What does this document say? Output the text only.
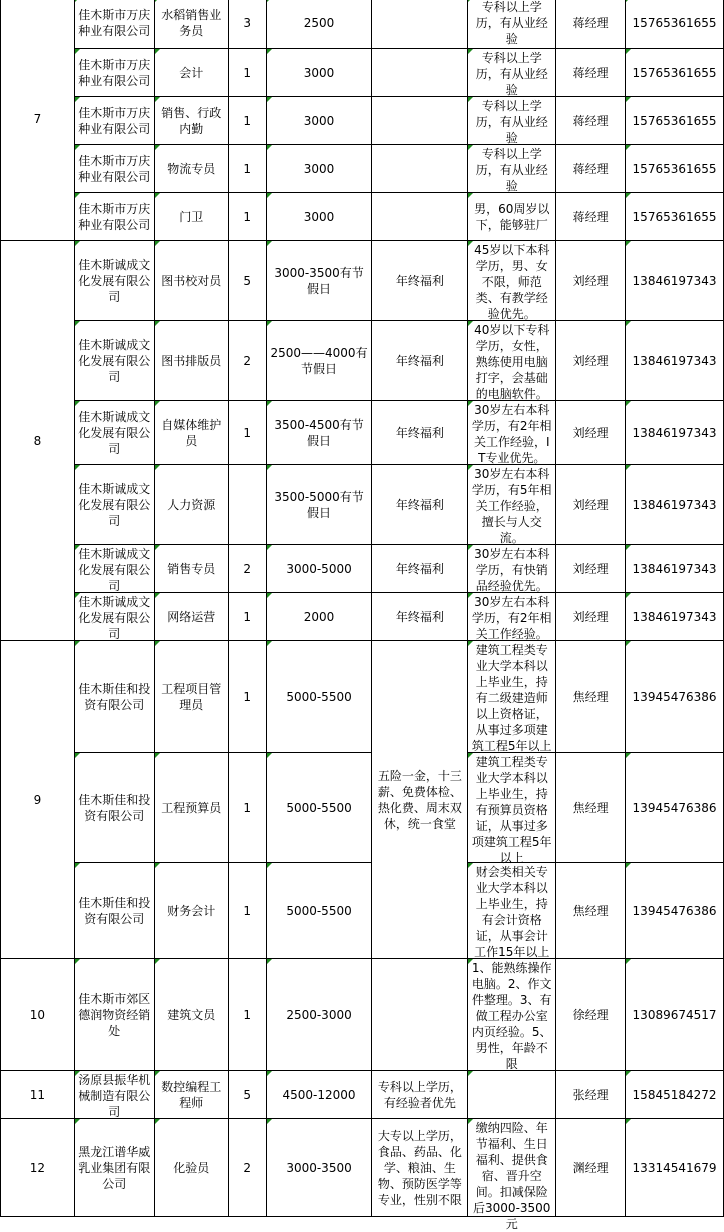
7	佳木斯市万庆种业有限公司	水稻销售业务员	3	2500		专科以上学历，有从业经验	蒋经理	15765361655

	佳木斯市万庆种业有限公司	会计	1	3000		专科以上学历，有从业经验	蒋经理	15765361655

	佳木斯市万庆种业有限公司	销售、行政内勤	1	3000		专科以上学历，有从业经验	蒋经理	15765361655

	佳木斯市万庆种业有限公司	物流专员	1	3000		专科以上学历，有从业经验	蒋经理	15765361655

	佳木斯市万庆种业有限公司	门卫	1	3000		男，60周岁以下，能够驻厂	蒋经理	15765361655

8	佳木斯诚成文化发展有限公司	图书校对员	5	3000-3500有节假日	年终福利	45岁以下本科学历，男、女不限，师范类、有教学经验优先。	刘经理	13846197343

	佳木斯诚成文化发展有限公司	图书排版员	2	2500——4000有节假日	年终福利	40岁以下专科学历，女性，熟练使用电脑打字，会基础的电脑软件。	刘经理	13846197343

	佳木斯诚成文化发展有限公司	自媒体维护员	1	3500-4500有节假日	年终福利	30岁左右本科学历，有2年相关工作经验，IT专业优先。	刘经理	13846197343

	佳木斯诚成文化发展有限公司	人力资源		3500-5000有节假日	年终福利	30岁左右本科学历，有5年相关工作经验，擅长与人交流。	刘经理	13846197343

	佳木斯诚成文化发展有限公司	销售专员	2	3000-5000	年终福利	30岁左右本科学历，有快销品经验优先。	刘经理	13846197343

	佳木斯诚成文化发展有限公司	网络运营	1	2000	年终福利	30岁左右本科学历，有2年相关工作经验。	刘经理	13846197343

9	佳木斯佳和投资有限公司	工程项目管理员	1	5000-5500	五险一金，十三薪、免费体检、热化费、周末双休，统一食堂	建筑工程类专业大学本科以上毕业生，持有二级建造师以上资格证，从事过多项建筑工程5年以上	焦经理	13945476386

	佳木斯佳和投资有限公司	工程预算员	1	5000-5500		建筑工程类专业大学本科以上毕业生，持有预算员资格证，从事过多项建筑工程5年以上	焦经理	13945476386

	佳木斯佳和投资有限公司	财务会计	1	5000-5500		财会类相关专业大学本科以上毕业生，持有会计资格证，从事会计工作15年以上	焦经理	13945476386

10	佳木斯市郊区德润物资经销处	建筑文员	1	2500-3000		1、能熟练操作电脑。2、作文件整理。3、有做工程办公室内页经验。5、男性，年龄不限	徐经理	13089674517

11	汤原县振华机械制造有限公司	数控编程工程师	5	4500-12000	专科以上学历，有经验者优先		张经理	15845184272

12	黑龙江谱华威乳业集团有限公司	化验员	2	3000-3500	大专以上学历，食品、药品、化学、粮油、生物、预防医学等专业，性别不限	缴纳四险、年节福利、生日福利、提供食宿、晋升空间。扣减保险后3000-3500元	渊经理	13314541679
